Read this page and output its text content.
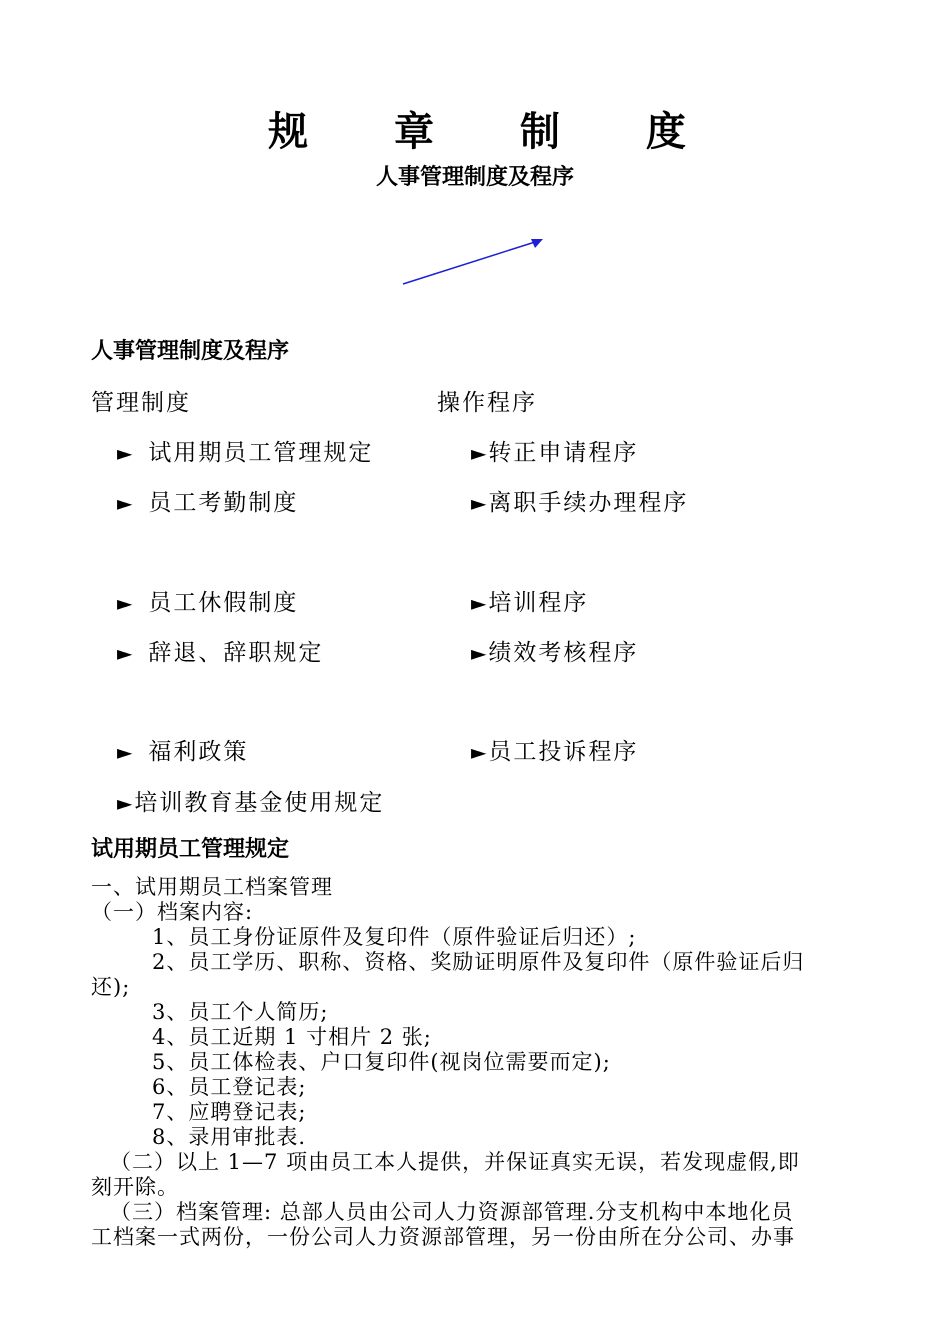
规 章 制 度
人事管理制度及程序
人事管理制度及程序
管理制度	操作程序
► 试用期员工管理规定
► 员工考勤制度
► 员工休假制度
► 辞退、辞职规定
► 福利政策
►培训教育基金使用规定
►转正申请程序
►离职手续办理程序
►培训程序
►绩效考核程序
►员工投诉程序
试用期员工管理规定
一、试用期员工档案管理
（一）档案内容:
1、员工身份证原件及复印件（原件验证后归还）;
2、员工学历、职称、资格、奖励证明原件及复印件（原件验证后归
还);
3、员工个人简历;
4、员工近期 1 寸相片 2 张;
5、员工体检表、户口复印件(视岗位需要而定);
6、员工登记表;
7、应聘登记表;
8、录用审批表.
（二）以上 1—7 项由员工本人提供，并保证真实无误，若发现虚假,即
刻开除。
（三）档案管理: 总部人员由公司人力资源部管理.分支机构中本地化员
工档案一式两份，一份公司人力资源部管理，另一份由所在分公司、办事
